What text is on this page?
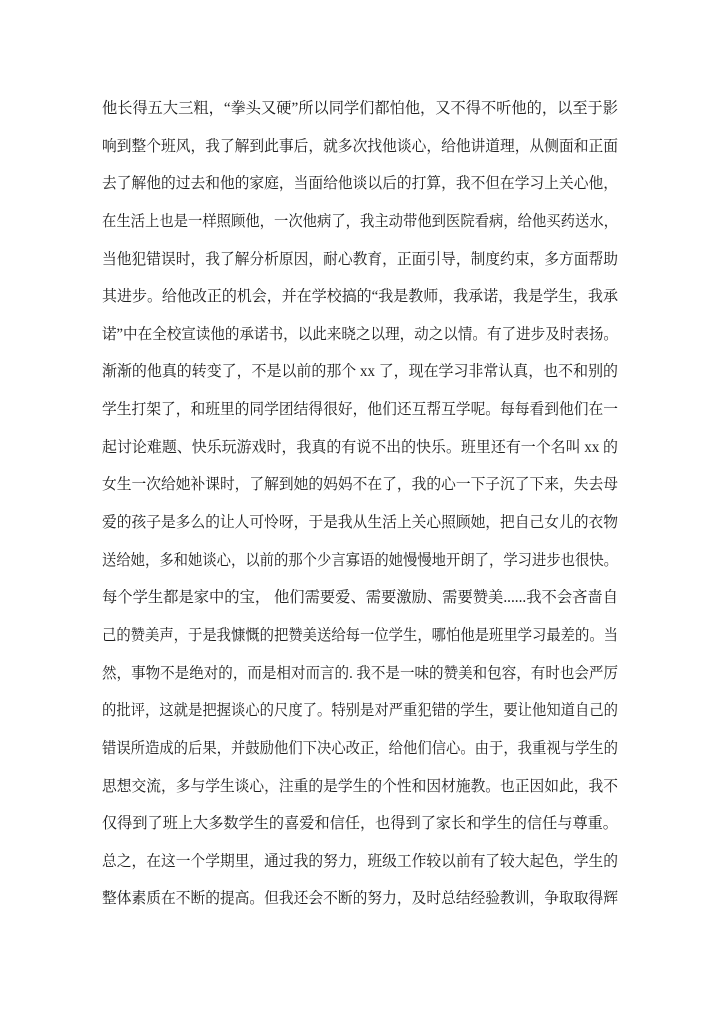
他长得五大三粗，“拳头又硬”所以同学们都怕他，又不得不听他的，以至于影
响到整个班风，我了解到此事后，就多次找他谈心，给他讲道理，从侧面和正面
去了解他的过去和他的家庭，当面给他谈以后的打算，我不但在学习上关心他，
在生活上也是一样照顾他，一次他病了，我主动带他到医院看病，给他买药送水，
当他犯错误时，我了解分析原因，耐心教育，正面引导，制度约束，多方面帮助
其进步。给他改正的机会，并在学校搞的“我是教师，我承诺，我是学生，我承
诺”中在全校宣读他的承诺书，以此来晓之以理，动之以情。有了进步及时表扬。
渐渐的他真的转变了，不是以前的那个 xx 了，现在学习非常认真，也不和别的
学生打架了，和班里的同学团结得很好，他们还互帮互学呢。每每看到他们在一
起讨论难题、快乐玩游戏时，我真的有说不出的快乐。班里还有一个名叫 xx 的
女生一次给她补课时，了解到她的妈妈不在了，我的心一下子沉了下来，失去母
爱的孩子是多么的让人可怜呀，于是我从生活上关心照顾她，把自己女儿的衣物
送给她，多和她谈心，以前的那个少言寡语的她慢慢地开朗了，学习进步也很快。
每个学生都是家中的宝， 他们需要爱、需要激励、需要赞美......我不会吝啬自
己的赞美声，于是我慷慨的把赞美送给每一位学生，哪怕他是班里学习最差的。当
然，事物不是绝对的，而是相对而言的. 我不是一味的赞美和包容，有时也会严厉
的批评，这就是把握谈心的尺度了。特别是对严重犯错的学生，要让他知道自己的
错误所造成的后果，并鼓励他们下决心改正，给他们信心。由于，我重视与学生的
思想交流，多与学生谈心，注重的是学生的个性和因材施教。也正因如此，我不
仅得到了班上大多数学生的喜爱和信任，也得到了家长和学生的信任与尊重。
总之，在这一个学期里，通过我的努力，班级工作较以前有了较大起色，学生的
整体素质在不断的提高。但我还会不断的努力，及时总结经验教训，争取取得辉
